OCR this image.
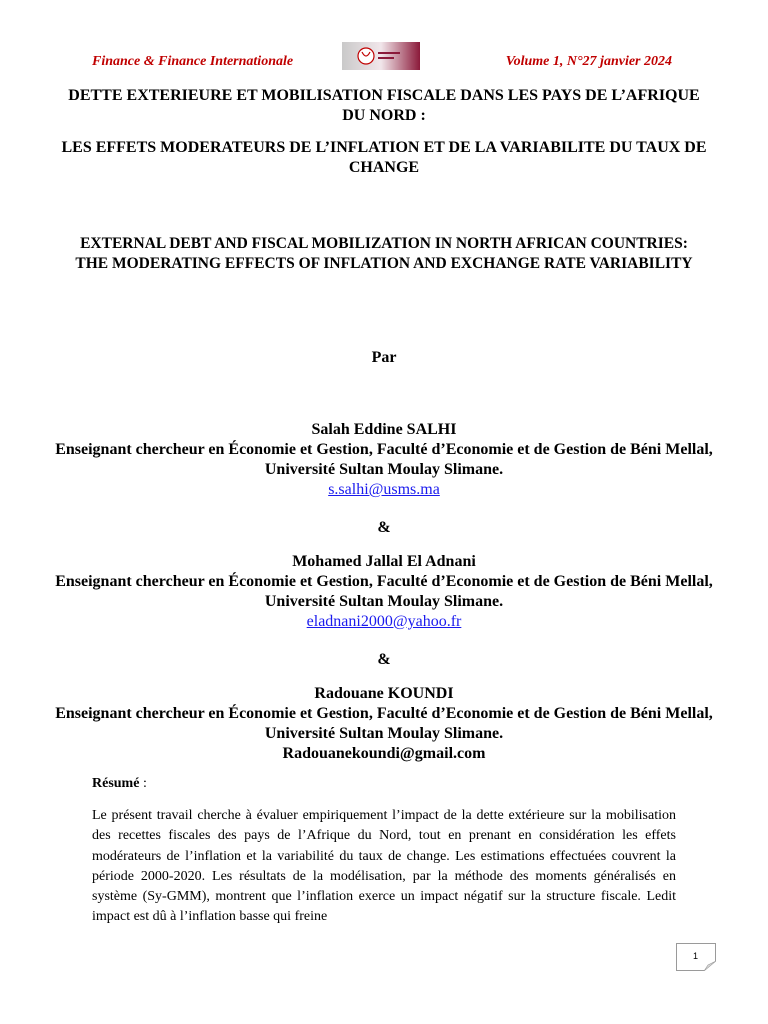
Finance & Finance Internationale	Volume 1, N°27 janvier 2024

DETTE EXTERIEURE ET MOBILISATION FISCALE DANS LES PAYS DE L’AFRIQUE DU NORD :

LES EFFETS MODERATEURS DE L’INFLATION ET DE LA VARIABILITE DU TAUX DE CHANGE

EXTERNAL DEBT AND FISCAL MOBILIZATION IN NORTH AFRICAN COUNTRIES:

THE MODERATING EFFECTS OF INFLATION AND EXCHANGE RATE VARIABILITY

Par
Salah Eddine SALHI
Enseignant chercheur en Économie et Gestion, Faculté d’Economie et de Gestion de Béni Mellal, Université Sultan Moulay Slimane.
s.salhi@usms.ma
&
Mohamed Jallal El Adnani
Enseignant chercheur en Économie et Gestion, Faculté d’Economie et de Gestion de Béni Mellal, Université Sultan Moulay Slimane.
eladnani2000@yahoo.fr
&
Radouane KOUNDI
Enseignant chercheur en Économie et Gestion, Faculté d’Economie et de Gestion de Béni Mellal, Université Sultan Moulay Slimane.
Radouanekoundi@gmail.com
Résumé :
Le présent travail cherche à évaluer empiriquement l’impact de la dette extérieure sur la mobilisation des recettes fiscales des pays de l’Afrique du Nord, tout en prenant en considération les effets modérateurs de l’inflation et la variabilité du taux de change. Les estimations effectuées couvrent la période 2000-2020. Les résultats de la modélisation, par la méthode des moments généralisés en système (Sy-GMM), montrent que l’inflation exerce un impact négatif sur la structure fiscale. Ledit impact est dû à l’inflation basse qui freine
1
